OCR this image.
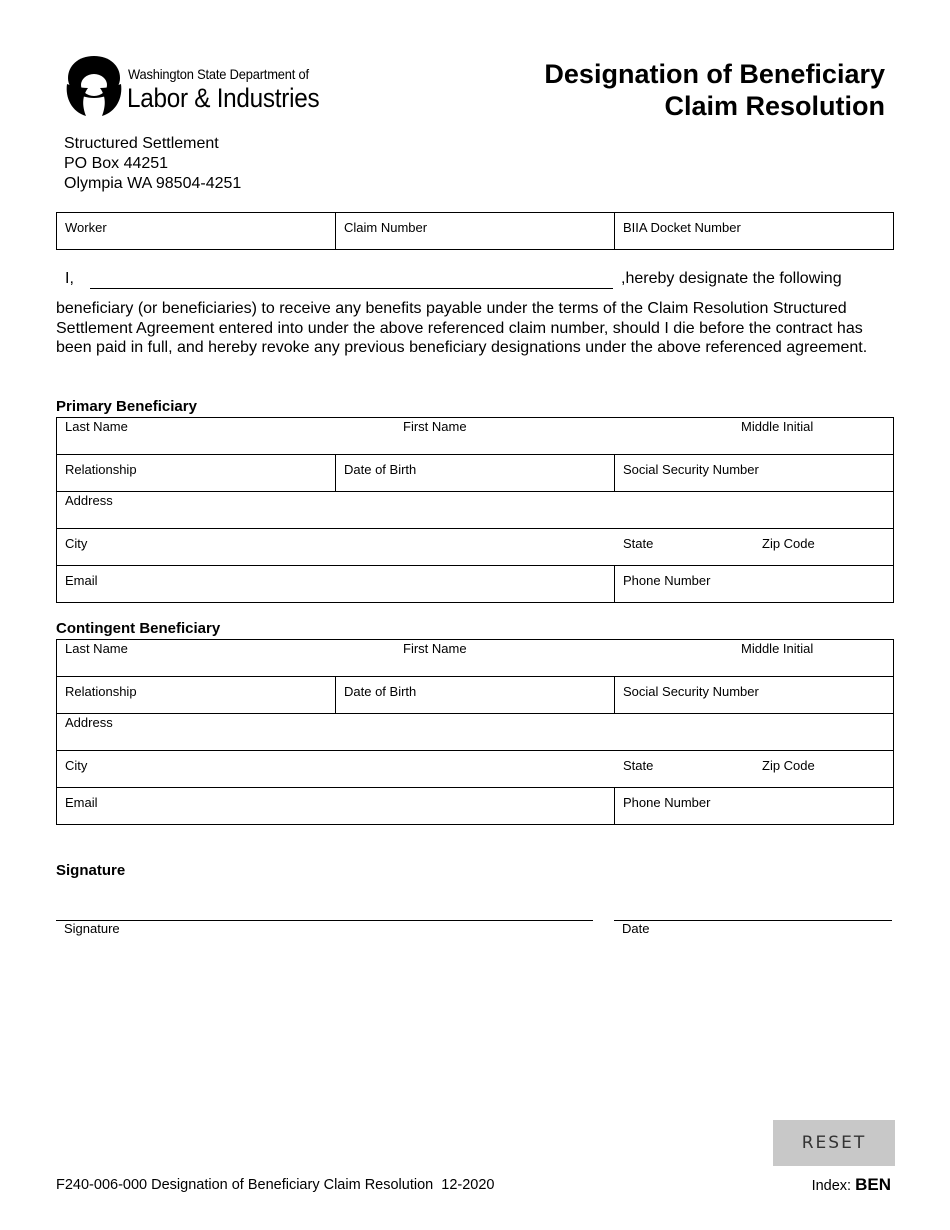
Washington State Department of
Labor & Industries
Designation of Beneficiary
Claim Resolution
Structured Settlement
PO Box 44251
Olympia WA 98504-4251
Worker	Claim Number	BIIA Docket Number
I,	,hereby designate the following
beneficiary (or beneficiaries) to receive any benefits payable under the terms of the Claim Resolution Structured Settlement Agreement entered into under the above referenced claim number, should I die before the contract has been paid in full, and hereby revoke any previous beneficiary designations under the above referenced agreement.
Primary Beneficiary
Last Name	First Name	Middle Initial
Relationship	Date of Birth	Social Security Number
Address
City	State	Zip Code
Email	Phone Number
Contingent Beneficiary
Last Name	First Name	Middle Initial
Relationship	Date of Birth	Social Security Number
Address
City	State	Zip Code
Email	Phone Number
Signature
Signature	Date
RESET
F240-006-000 Designation of Beneficiary Claim Resolution  12-2020	Index: BEN
